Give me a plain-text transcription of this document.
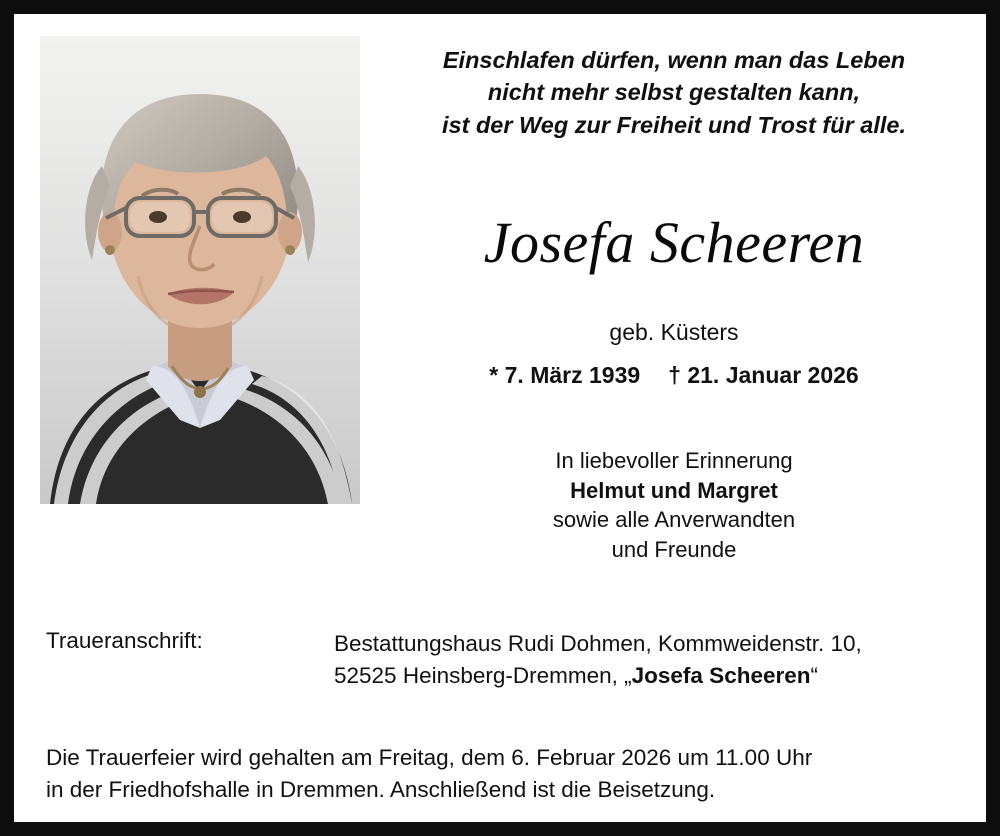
Einschlafen dürfen, wenn man das Leben
nicht mehr selbst gestalten kann,
ist der Weg zur Freiheit und Trost für alle.
Josefa Scheeren
geb. Küsters
* 7. März 1939 † 21. Januar 2026
In liebevoller Erinnerung
Helmut und Margret
sowie alle Anverwandten
und Freunde
Traueranschrift:	Bestattungshaus Rudi Dohmen, Kommweidenstr. 10,
52525 Heinsberg-Dremmen, „Josefa Scheeren“
Die Trauerfeier wird gehalten am Freitag, dem 6. Februar 2026 um 11.00 Uhr
in der Friedhofshalle in Dremmen. Anschließend ist die Beisetzung.
